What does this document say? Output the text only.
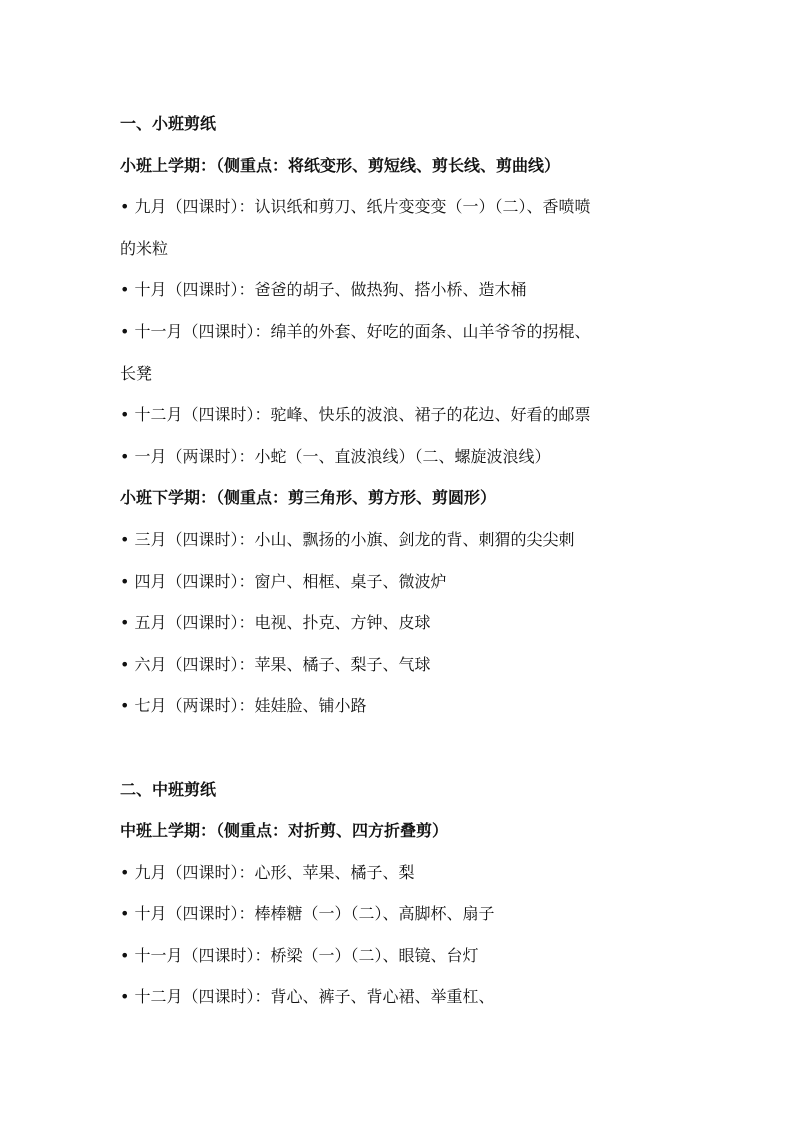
一、小班剪纸
小班上学期：（侧重点：将纸变形、剪短线、剪长线、剪曲线）
• 九月（四课时）：认识纸和剪刀、纸片变变变（一）（二）、香喷喷
的米粒
• 十月（四课时）：爸爸的胡子、做热狗、搭小桥、造木桶
• 十一月（四课时）：绵羊的外套、好吃的面条、山羊爷爷的拐棍、
长凳
• 十二月（四课时）：驼峰、快乐的波浪、裙子的花边、好看的邮票
• 一月（两课时）：小蛇（一、直波浪线）（二、螺旋波浪线）
小班下学期：（侧重点：剪三角形、剪方形、剪圆形）
• 三月（四课时）：小山、飘扬的小旗、剑龙的背、刺猬的尖尖刺
• 四月（四课时）：窗户、相框、桌子、微波炉
• 五月（四课时）：电视、扑克、方钟、皮球
• 六月（四课时）：苹果、橘子、梨子、气球
• 七月（两课时）：娃娃脸、铺小路
二、中班剪纸
中班上学期：（侧重点：对折剪、四方折叠剪）
• 九月（四课时）：心形、苹果、橘子、梨
• 十月（四课时）：棒棒糖（一）（二）、高脚杯、扇子
• 十一月（四课时）：桥梁（一）（二）、眼镜、台灯
• 十二月（四课时）：背心、裤子、背心裙、举重杠、
